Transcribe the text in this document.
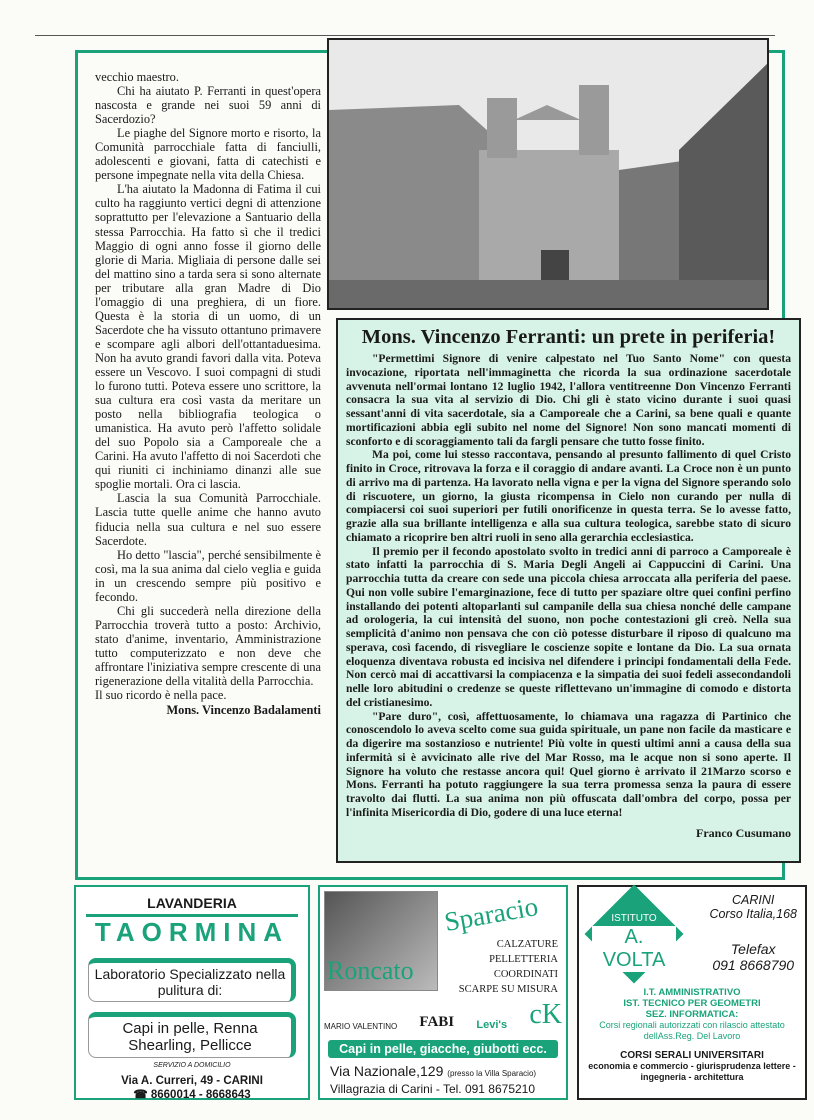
vecchio maestro.

Chi ha aiutato P. Ferranti in quest'opera nascosta e grande nei suoi 59 anni di Sacerdozio?

Le piaghe del Signore morto e risorto, la Comunità parrocchiale fatta di fanciulli, adolescenti e giovani, fatta di catechisti e persone impegnate nella vita della Chiesa.

L'ha aiutato la Madonna di Fatima il cui culto ha raggiunto vertici degni di attenzione soprattutto per l'elevazione a Santuario della stessa Parrocchia. Ha fatto sì che il tredici Maggio di ogni anno fosse il giorno delle glorie di Maria. Migliaia di persone dalle sei del mattino sino a tarda sera si sono alternate per tributare alla gran Madre di Dio l'omaggio di una preghiera, di un fiore. Questa è la storia di un uomo, di un Sacerdote che ha vissuto ottantuno primavere e scompare agli albori dell'ottantaduesima. Non ha avuto grandi favori dalla vita. Poteva essere un Vescovo. I suoi compagni di studi lo furono tutti. Poteva essere uno scrittore, la sua cultura era così vasta da meritare un posto nella bibliografia teologica o umanistica. Ha avuto però l'affetto solidale del suo Popolo sia a Camporeale che a Carini. Ha avuto l'affetto di noi Sacerdoti che qui riuniti ci inchiniamo dinanzi alle sue spoglie mortali. Ora ci lascia.

Lascia la sua Comunità Parrocchiale. Lascia tutte quelle anime che hanno avuto fiducia nella sua cultura e nel suo essere Sacerdote.

Ho detto "lascia", perché sensibilmente è così, ma la sua anima dal cielo veglia e guida in un crescendo sempre più positivo e fecondo.

Chi gli succederà nella direzione della Parrocchia troverà tutto a posto: Archivio, stato d'anime, inventario, Amministrazione tutto computerizzato e non deve che affrontare l'iniziativa sempre crescente di una rigenerazione della vitalità della Parrocchia.

Il suo ricordo è nella pace.

Mons. Vincenzo Badalamenti
Mons. Vincenzo Ferranti: un prete in periferia!

"Permettimi Signore di venire calpestato nel Tuo Santo Nome" con questa invocazione, riportata nell'immaginetta che ricorda la sua ordinazione sacerdotale avvenuta nell'ormai lontano 12 luglio 1942, l'allora ventitreenne Don Vincenzo Ferranti consacra la sua vita al servizio di Dio. Chi gli è stato vicino durante i suoi quasi sessant'anni di vita sacerdotale, sia a Camporeale che a Carini, sa bene quali e quante mortificazioni abbia egli subito nel nome del Signore! Non sono mancati momenti di sconforto e di scoraggiamento tali da fargli pensare che tutto fosse finito.

Ma poi, come lui stesso raccontava, pensando al presunto fallimento di quel Cristo finito in Croce, ritrovava la forza e il coraggio di andare avanti. La Croce non è un punto di arrivo ma di partenza. Ha lavorato nella vigna e per la vigna del Signore sperando solo di riscuotere, un giorno, la giusta ricompensa in Cielo non curando per nulla di compiacersi coi suoi superiori per futili onorificenze in questa terra. Se lo avesse fatto, grazie alla sua brillante intelligenza e alla sua cultura teologica, sarebbe stato di sicuro chiamato a ricoprire ben altri ruoli in seno alla gerarchia ecclesiastica.

Il premio per il fecondo apostolato svolto in tredici anni di parroco a Camporeale è stato infatti la parrocchia di S. Maria Degli Angeli ai Cappuccini di Carini. Una parrocchia tutta da creare con sede una piccola chiesa arroccata alla periferia del paese. Qui non volle subire l'emarginazione, fece di tutto per spaziare oltre quei confini perfino installando dei potenti altoparlanti sul campanile della sua chiesa nonché delle campane ad orologeria, la cui intensità del suono, non poche contestazioni gli creò. Nella sua semplicità d'animo non pensava che con ciò potesse disturbare il riposo di qualcuno ma sperava, così facendo, di risvegliare le coscienze sopite e lontane da Dio. La sua ornata eloquenza diventava robusta ed incisiva nel difendere i principi fondamentali della Fede. Non cercò mai di accattivarsi la compiacenza e la simpatia dei suoi fedeli assecondandoli nelle loro abitudini o credenze se queste riflettevano un'immagine di comodo e distorta del cristianesimo.

"Pare duro", così, affettuosamente, lo chiamava una ragazza di Partinico che conoscendolo lo aveva scelto come sua guida spirituale, un pane non facile da masticare e da digerire ma sostanzioso e nutriente! Più volte in questi ultimi anni a causa della sua infermità si è avvicinato alle rive del Mar Rosso, ma le acque non si sono aperte. Il Signore ha voluto che restasse ancora qui! Quel giorno è arrivato il 21Marzo scorso e Mons. Ferranti ha potuto raggiungere la sua terra promessa senza la paura di essere travolto dai flutti. La sua anima non più offuscata dall'ombra del corpo, possa per l'infinita Misericordia di Dio, godere di una luce eterna!

Franco Cusumano
LAVANDERIA
TAORMINA
Laboratorio Specializzato nella pulitura di:
Capi in pelle, Renna Shearling, Pellicce
SERVIZIO A DOMICILIO
Via A. Curreri, 49 - CARINI
☎ 8660014 - 8668643
Roncato
Sparacio
CALZATURE
PELLETTERIA
COORDINATI
SCARPE SU MISURA
MARIO VALENTINO FABI Levi's cK
Capi in pelle, giacche, giubotti ecc.
Via Nazionale,129 (presso la Villa Sparacio)
Villagrazia di Carini - Tel. 091 8675210
ISTITUTO
A. VOLTA
CARINI
Corso Italia,168
Telefax
091 8668790
I.T. AMMINISTRATIVO
IST. TECNICO PER GEOMETRI
SEZ. INFORMATICA:
Corsi regionali autorizzati con rilascio attestato dellAss.Reg. Del Lavoro
CORSI SERALI UNIVERSITARI
economia e commercio - giurisprudenza lettere - ingegneria - architettura
